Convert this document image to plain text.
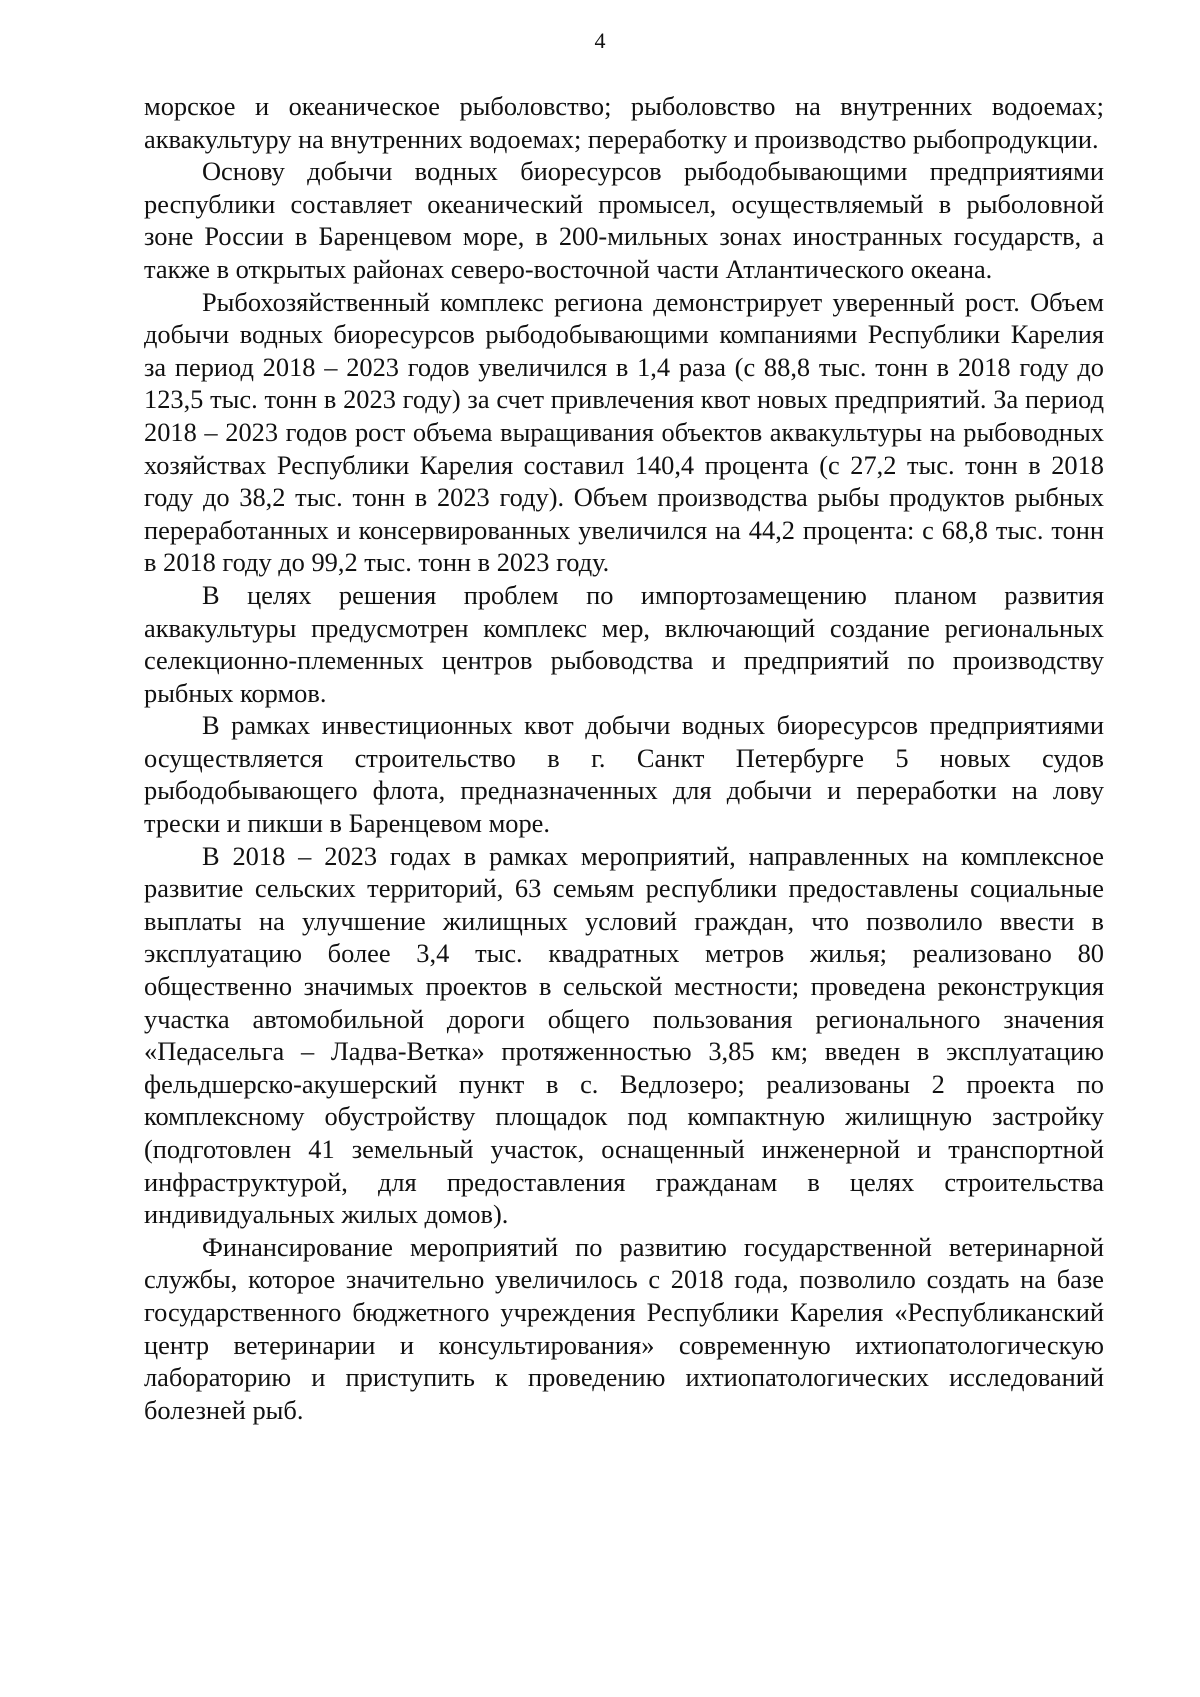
4

морское и океаническое рыболовство; рыболовство на внутренних водоемах; аквакультуру на внутренних водоемах; переработку и производство рыбопродукции.

Основу добычи водных биоресурсов рыбодобывающими предприятиями республики составляет океанический промысел, осуществляемый в рыболовной зоне России в Баренцевом море, в 200-мильных зонах иностранных государств, а также в открытых районах северо-восточной части Атлантического океана.

Рыбохозяйственный комплекс региона демонстрирует уверенный рост. Объем добычи водных биоресурсов рыбодобывающими компаниями Республики Карелия за период 2018 – 2023 годов увеличился в 1,4 раза (с 88,8 тыс. тонн в 2018 году до 123,5 тыс. тонн в 2023 году) за счет привлечения квот новых предприятий. За период 2018 – 2023 годов рост объема выращивания объектов аквакультуры на рыбоводных хозяйствах Республики Карелия составил 140,4 процента (с 27,2 тыс. тонн в 2018 году до 38,2 тыс. тонн в 2023 году). Объем производства рыбы продуктов рыбных переработанных и консервированных увеличился на 44,2 процента: с 68,8 тыс. тонн в 2018 году до 99,2 тыс. тонн в 2023 году.

В целях решения проблем по импортозамещению планом развития аквакультуры предусмотрен комплекс мер, включающий создание региональных селекционно-племенных центров рыбоводства и предприятий по производству рыбных кормов.

В рамках инвестиционных квот добычи водных биоресурсов предприятиями осуществляется строительство в г. Санкт Петербурге 5 новых судов рыбодобывающего флота, предназначенных для добычи и переработки на лову трески и пикши в Баренцевом море.

В 2018 – 2023 годах в рамках мероприятий, направленных на комплексное развитие сельских территорий, 63 семьям республики предоставлены социальные выплаты на улучшение жилищных условий граждан, что позволило ввести в эксплуатацию более 3,4 тыс. квадратных метров жилья; реализовано 80 общественно значимых проектов в сельской местности; проведена реконструкция участка автомобильной дороги общего пользования регионального значения «Педасельга – Ладва-Ветка» протяженностью 3,85 км; введен в эксплуатацию фельдшерско-акушерский пункт в с. Ведлозеро; реализованы 2 проекта по комплексному обустройству площадок под компактную жилищную застройку (подготовлен 41 земельный участок, оснащенный инженерной и транспортной инфраструктурой, для предоставления гражданам в целях строительства индивидуальных жилых домов).

Финансирование мероприятий по развитию государственной ветеринарной службы, которое значительно увеличилось с 2018 года, позволило создать на базе государственного бюджетного учреждения Республики Карелия «Республиканский центр ветеринарии и консультирования» современную ихтиопатологическую лабораторию и приступить к проведению ихтиопатологических исследований болезней рыб.
